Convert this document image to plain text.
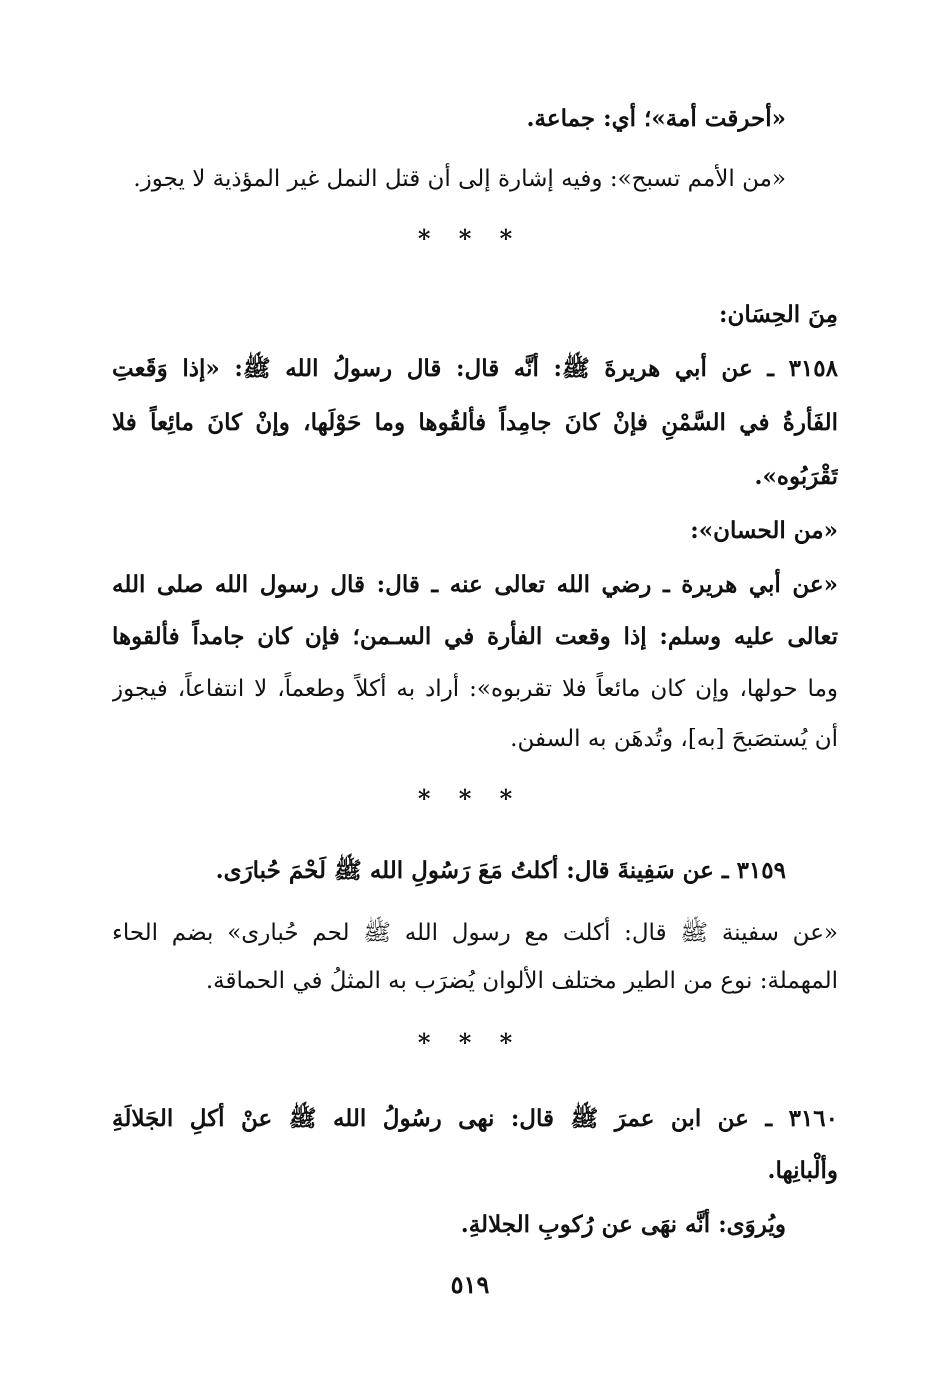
«أحرقت أمة»؛ أي: جماعة.
«من الأمم تسبح»: وفيه إشارة إلى أن قتل النمل غير المؤذية لا يجوز.
* * *
مِنَ الحِسَان:
٣١٥٨ ـ عن أبي هريرةَ ﷺ: أنَّه قال: قال رسولُ الله ﷺ: «إذا وَقَعتِ
الفَأرةُ في السَّمْنِ فإنْ كانَ جامِداً فألقُوها وما حَوْلَها، وإنْ كانَ مائِعاً فلا
تَقْرَبُوه».
«من الحسان»:
«عن أبي هريرة ـ رضي الله تعالى عنه ـ قال: قال رسول الله صلى الله
تعالى عليه وسلم: إذا وقعت الفأرة في السـمن؛ فإن كان جامداً فألقوها
وما حولها، وإن كان مائعاً فلا تقربوه»: أراد به أكلاً وطعماً، لا انتفاعاً، فيجوز
أن يُستصَبحَ [به]، وتُدهَن به السفن.
* * *
٣١٥٩ ـ عن سَفِينةَ قال: أكلتُ مَعَ رَسُولِ الله ﷺ لَحْمَ حُبارَى.
«عن سفينة ﷺ قال: أكلت مع رسول الله ﷺ لحم حُبارى» بضم الحاء
المهملة: نوع من الطير مختلف الألوان يُضرَب به المثلُ في الحماقة.
* * *
٣١٦٠ ـ عن ابن عمرَ ﷺ قال: نهى رسُولُ الله ﷺ عنْ أكلِ الجَلالَةِ
وألْبانِها.
ويُروَى: أنَّه نهَى عن رُكوبِ الجلالةِ.
٥١٩
